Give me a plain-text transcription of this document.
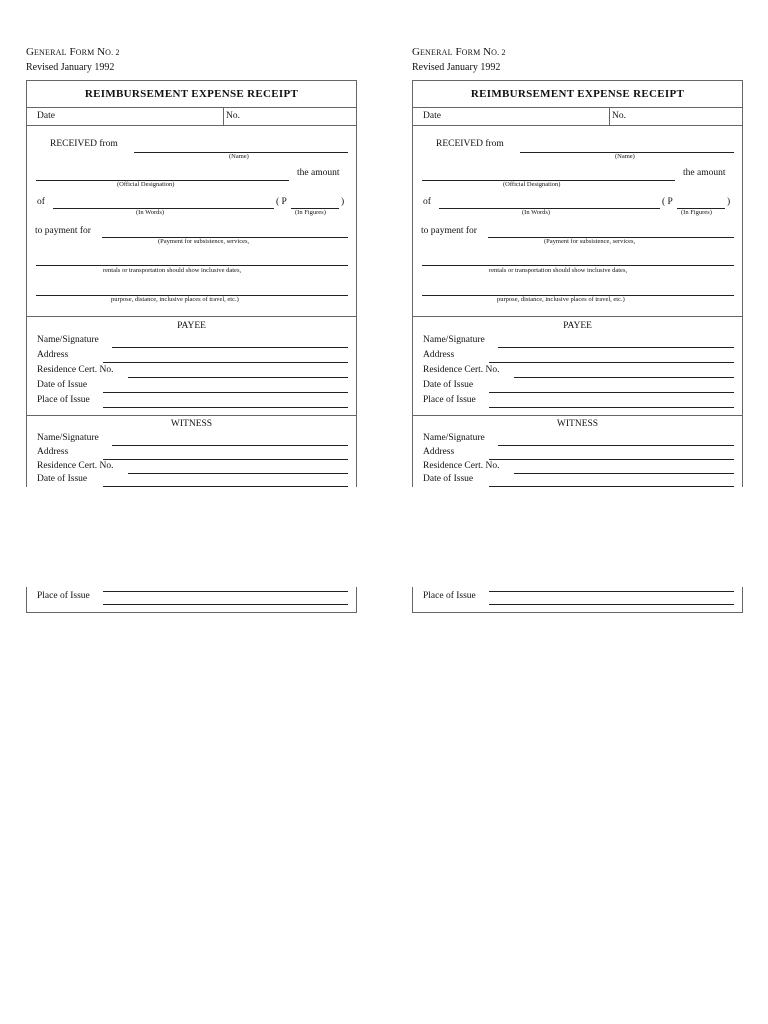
GENERAL FORM NO. 2
Revised January 1992
REIMBURSEMENT EXPENSE RECEIPT
Date	No.
RECEIVED from
(Name)
the amount
(Official Designation)
of	( P	)
(In Words)	(In Figures)
to payment for
(Payment for subsistence, services,
rentals or transportation should show inclusive dates,
purpose, distance, inclusive places of travel, etc.)
PAYEE
Name/Signature
Address
Residence Cert. No.
Date of Issue
Place of Issue
WITNESS
Name/Signature
Address
Residence Cert. No.
Date of Issue
Place of Issue
GENERAL FORM NO. 2
Revised January 1992
REIMBURSEMENT EXPENSE RECEIPT
Date	No.
RECEIVED from
(Name)
the amount
(Official Designation)
of	( P	)
(In Words)	(In Figures)
to payment for
(Payment for subsistence, services,
rentals or transportation should show inclusive dates,
purpose, distance, inclusive places of travel, etc.)
PAYEE
Name/Signature
Address
Residence Cert. No.
Date of Issue
Place of Issue
WITNESS
Name/Signature
Address
Residence Cert. No.
Date of Issue
Place of Issue
